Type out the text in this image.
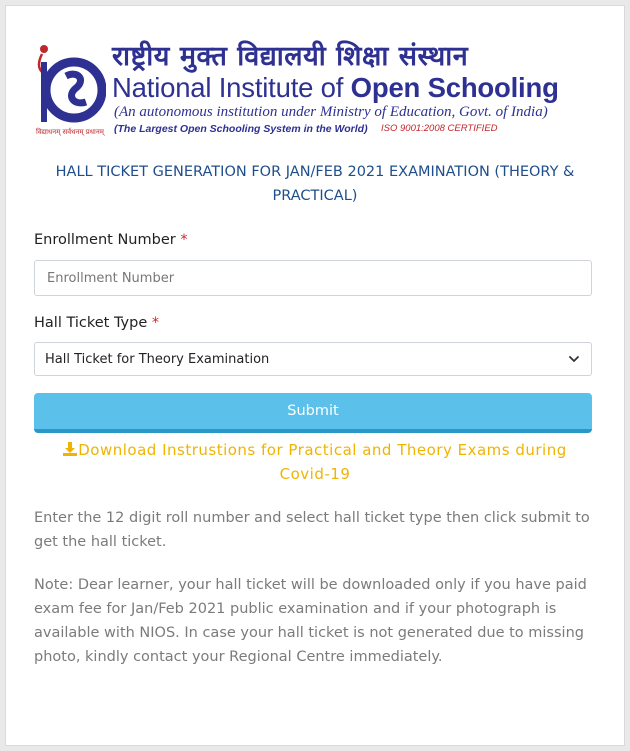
विद्याधनम् सर्वधनम् प्रधानम्
राष्ट्रीय मुक्त विद्यालयी शिक्षा संस्थान
National Institute of Open Schooling
(An autonomous institution under Ministry of Education, Govt. of India)
(The Largest Open Schooling System in the World) ISO 9001:2008 CERTIFIED
HALL TICKET GENERATION FOR JAN/FEB 2021 EXAMINATION (THEORY & PRACTICAL)
Enrollment Number *
Enrollment Number
Hall Ticket Type *
Hall Ticket for Theory Examination
Submit
Download Instrustions for Practical and Theory Exams during Covid-19
Enter the 12 digit roll number and select hall ticket type then click submit to get the hall ticket.
Note: Dear learner, your hall ticket will be downloaded only if you have paid exam fee for Jan/Feb 2021 public examination and if your photograph is available with NIOS. In case your hall ticket is not generated due to missing photo, kindly contact your Regional Centre immediately.
